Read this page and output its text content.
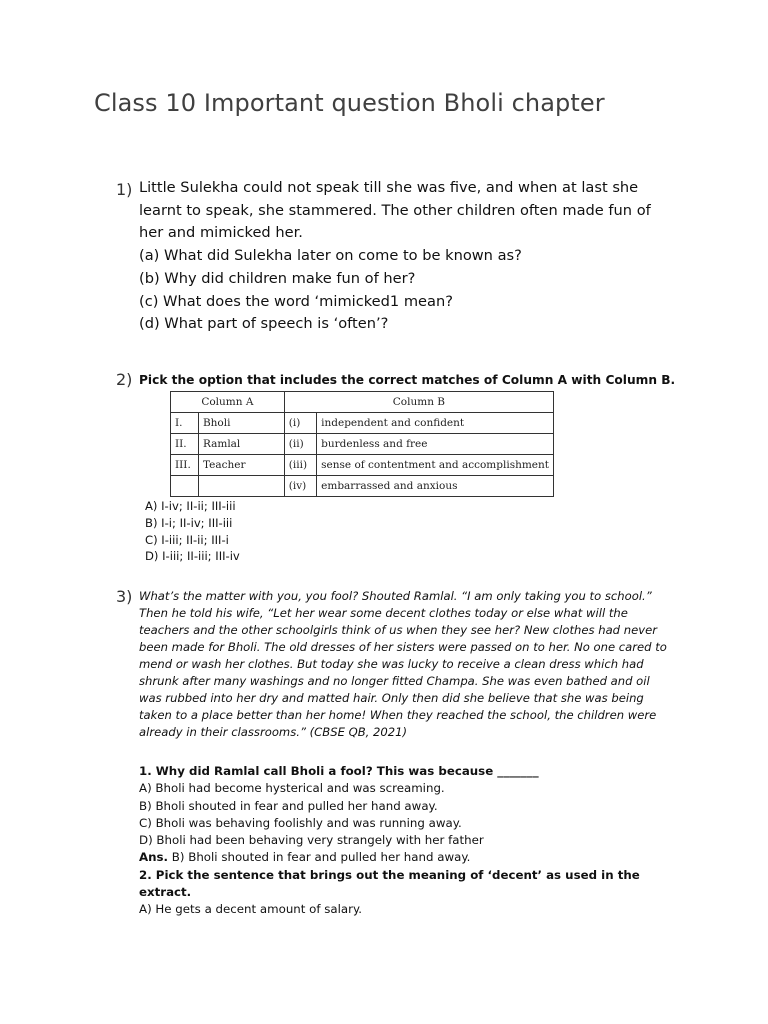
Class 10 Important question Bholi chapter
1) Little Sulekha could not speak till she was five, and when at last she learnt to speak, she stammered. The other children often made fun of her and mimicked her.

(a) What did Sulekha later on come to be known as?

(b) Why did children make fun of her?

(c) What does the word ‘mimicked1 mean?

(d) What part of speech is ‘often’?

2) Pick the option that includes the correct matches of Column A with Column B.
Column A		Column B	
I.	Bholi	(i)	independent and confident
II.	Ramlal	(ii)	burdenless and free
III.	Teacher	(iii)	sense of contentment and accomplishment
		(iv)	embarrassed and anxious
A) I-iv; II-ii; III-iii
B) I-i; II-iv; III-iii
C) I-iii; II-ii; III-i
D) I-iii; II-iii; III-iv
3) What’s the matter with you, you fool? Shouted Ramlal. “I am only taking you to school.” Then he told his wife, “Let her wear some decent clothes today or else what will the teachers and the other schoolgirls think of us when they see her? New clothes had never been made for Bholi. The old dresses of her sisters were passed on to her. No one cared to mend or wash her clothes. But today she was lucky to receive a clean dress which had shrunk after many washings and no longer fitted Champa. She was even bathed and oil was rubbed into her dry and matted hair. Only then did she believe that she was being taken to a place better than her home! When they reached the school, the children were already in their classrooms.” (CBSE QB, 2021)
1. Why did Ramlal call Bholi a fool? This was because _______
A) Bholi had become hysterical and was screaming.
B) Bholi shouted in fear and pulled her hand away.
C) Bholi was behaving foolishly and was running away.
D) Bholi had been behaving very strangely with her father
Ans. B) Bholi shouted in fear and pulled her hand away.
2. Pick the sentence that brings out the meaning of ‘decent’ as used in the
extract.
A) He gets a decent amount of salary.
